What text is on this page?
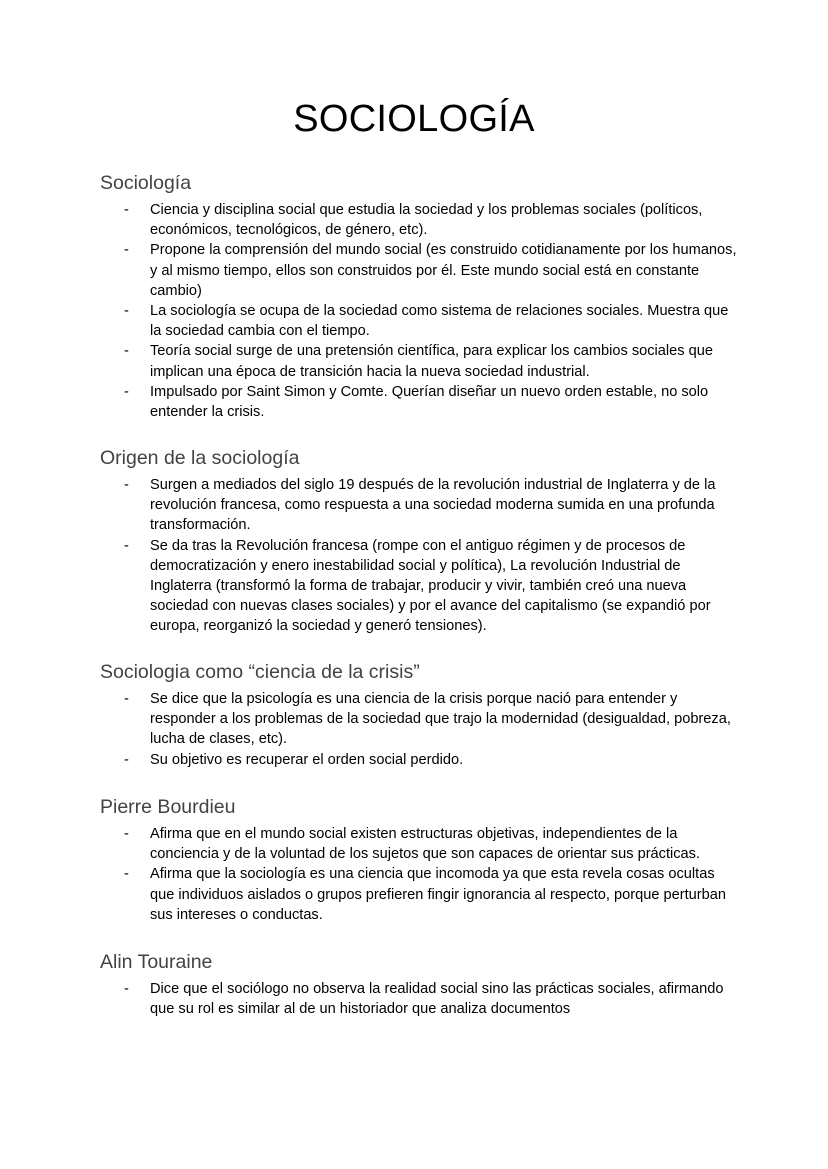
SOCIOLOGÍA
Sociología
- Ciencia y disciplina social que estudia la sociedad y los problemas sociales (políticos, económicos, tecnológicos, de género, etc).
- Propone la comprensión del mundo social (es construido cotidianamente por los humanos, y al mismo tiempo, ellos son construidos por él. Este mundo social está en constante cambio)
- La sociología se ocupa de la sociedad como sistema de relaciones sociales. Muestra que la sociedad cambia con el tiempo.
- Teoría social surge de una pretensión científica, para explicar los cambios sociales que implican una época de transición hacia la nueva sociedad industrial.
- Impulsado por Saint Simon y Comte. Querían diseñar un nuevo orden estable, no solo entender la crisis.
Origen de la sociología
- Surgen a mediados del siglo 19 después de la revolución industrial de Inglaterra y de la revolución francesa, como respuesta a una sociedad moderna sumida en una profunda transformación.
- Se da tras la Revolución francesa (rompe con el antiguo régimen y de procesos de democratización y enero inestabilidad social y política), La revolución Industrial de Inglaterra (transformó la forma de trabajar, producir y vivir, también creó una nueva sociedad con nuevas clases sociales) y por el avance del capitalismo (se expandió por europa, reorganizó la sociedad y generó tensiones).
Sociologia como “ciencia de la crisis”
- Se dice que la psicología es una ciencia de la crisis porque nació para entender y responder a los problemas de la sociedad que trajo la modernidad (desigualdad, pobreza, lucha de clases, etc).
- Su objetivo es recuperar el orden social perdido.
Pierre Bourdieu
- Afirma que en el mundo social existen estructuras objetivas, independientes de la conciencia y de la voluntad de los sujetos que son capaces de orientar sus prácticas.
- Afirma que la sociología es una ciencia que incomoda ya que esta revela cosas ocultas que individuos aislados o grupos prefieren fingir ignorancia al respecto, porque perturban sus intereses o conductas.
Alin Touraine
- Dice que el sociólogo no observa la realidad social sino las prácticas sociales, afirmando que su rol es similar al de un historiador que analiza documentos
